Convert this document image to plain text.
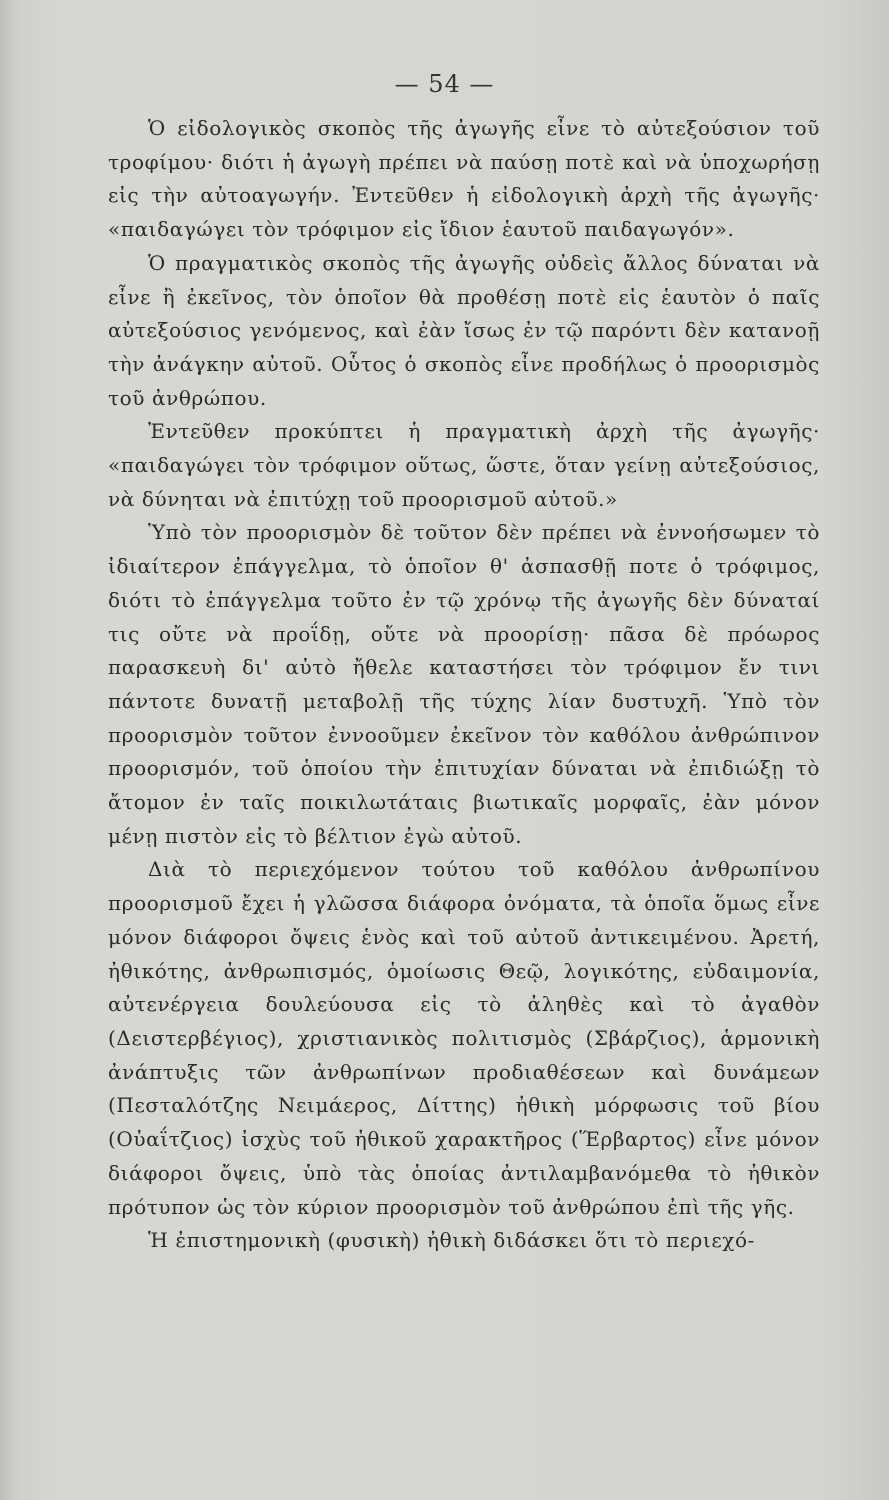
— 54 —

Ὁ εἰδολογικὸς σκοπὸς τῆς ἀγωγῆς εἶνε τὸ αὐτεξούσιον τοῦ τροφίμου· διότι ἡ ἀγωγὴ πρέπει νὰ παύσῃ ποτὲ καὶ νὰ ὑποχωρήσῃ εἰς τὴν αὐτοαγωγήν. Ἐντεῦθεν ἡ εἰδολογικὴ ἀρχὴ τῆς ἀγωγῆς· «παιδαγώγει τὸν τρόφιμον εἰς ἴδιον ἑαυτοῦ παιδαγωγόν».

Ὁ πραγματικὸς σκοπὸς τῆς ἀγωγῆς οὐδεὶς ἄλλος δύναται νὰ εἶνε ἢ ἐκεῖνος, τὸν ὁποῖον θὰ προθέσῃ ποτὲ εἰς ἑαυτὸν ὁ παῖς αὐτεξούσιος γενόμενος, καὶ ἐὰν ἴσως ἐν τῷ παρόντι δὲν κατανοῇ τὴν ἀνάγκην αὐτοῦ. Οὗτος ὁ σκοπὸς εἶνε προδήλως ὁ προορισμὸς τοῦ ἀνθρώπου.

Ἐντεῦθεν προκύπτει ἡ πραγματικὴ ἀρχὴ τῆς ἀγωγῆς· «παιδαγώγει τὸν τρόφιμον οὕτως, ὥστε, ὅταν γείνῃ αὐτεξούσιος, νὰ δύνηται νὰ ἐπιτύχῃ τοῦ προορισμοῦ αὐτοῦ.»

Ὑπὸ τὸν προορισμὸν δὲ τοῦτον δὲν πρέπει νὰ ἐννοήσωμεν τὸ ἰδιαίτερον ἐπάγγελμα, τὸ ὁποῖον θ' ἀσπασθῇ ποτε ὁ τρόφιμος, διότι τὸ ἐπάγγελμα τοῦτο ἐν τῷ χρόνῳ τῆς ἀγωγῆς δὲν δύναταί τις οὔτε νὰ προΐδῃ, οὔτε νὰ προορίσῃ· πᾶσα δὲ πρόωρος παρασκευὴ δι' αὐτὸ ἤθελε καταστήσει τὸν τρόφιμον ἔν τινι πάντοτε δυνατῇ μεταβολῇ τῆς τύχης λίαν δυστυχῆ. Ὑπὸ τὸν προορισμὸν τοῦτον ἐννοοῦμεν ἐκεῖνον τὸν καθόλου ἀνθρώπινον προορισμόν, τοῦ ὁποίου τὴν ἐπιτυχίαν δύναται νὰ ἐπιδιώξῃ τὸ ἄτομον ἐν ταῖς ποικιλωτάταις βιωτικαῖς μορφαῖς, ἐὰν μόνον μένῃ πιστὸν εἰς τὸ βέλτιον ἐγὼ αὐτοῦ.

Διὰ τὸ περιεχόμενον τούτου τοῦ καθόλου ἀνθρωπίνου προορισμοῦ ἔχει ἡ γλῶσσα διάφορα ὀνόματα, τὰ ὁποῖα ὅμως εἶνε μόνον διάφοροι ὄψεις ἑνὸς καὶ τοῦ αὐτοῦ ἀντικειμένου. Ἀρετή, ἠθικότης, ἀνθρωπισμός, ὁμοίωσις Θεῷ, λογικότης, εὐδαιμονία, αὐτενέργεια δουλεύουσα εἰς τὸ ἀληθὲς καὶ τὸ ἀγαθὸν (Δειστερβέγιος), χριστιανικὸς πολιτισμὸς (Σβάρζιος), ἁρμονικὴ ἀνάπτυξις τῶν ἀνθρωπίνων προδιαθέσεων καὶ δυνάμεων (Πεσταλότζης Νειμάερος, Δίττης) ἠθικὴ μόρφωσις τοῦ βίου (Οὐαΐτζιος) ἰσχὺς τοῦ ἠθικοῦ χαρακτῆρος (Ἕρβαρτος) εἶνε μόνον διάφοροι ὄψεις, ὑπὸ τὰς ὁποίας ἀντιλαμβανόμεθα τὸ ἠθικὸν πρότυπον ὡς τὸν κύριον προορισμὸν τοῦ ἀνθρώπου ἐπὶ τῆς γῆς.

Ἡ ἐπιστημονικὴ (φυσικὴ) ἠθικὴ διδάσκει ὅτι τὸ περιεχό-
